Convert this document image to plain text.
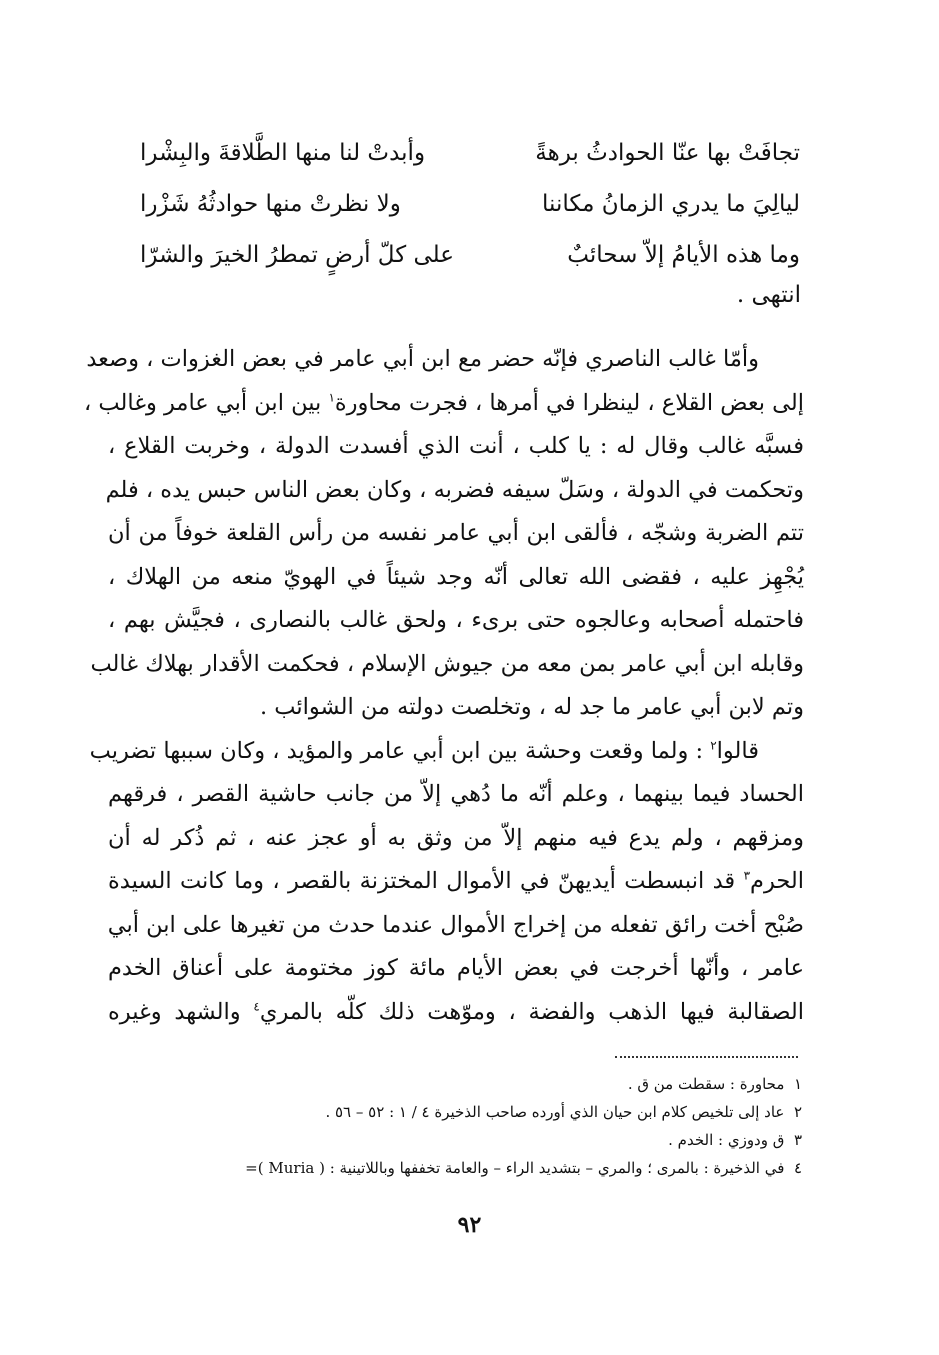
تجافَتْ بها عنّا الحوادثُ برهةً
وأبدتْ لنا منها الطَّلاقةَ والبِشْرا
ليالِيَ ما يدري الزمانُ مكاننا
ولا نظرتْ منها حوادثُهُ شَزْرا
وما هذه الأيامُ إلاّ سحائبٌ
على كلّ أرضٍ تمطرُ الخيرَ والشرّا
انتهى .
  وأمّا غالب الناصري فإنّه حضر مع ابن أبي عامر في بعض الغزوات ، وصعد
إلى بعض القلاع ، لينظرا في أمرها ، فجرت محاورة$^١$ بين ابن أبي عامر وغالب ،
فسبَّه غالب وقال له : يا كلب ، أنت الذي أفسدت الدولة ، وخربت القلاع ،
وتحكمت في الدولة ، وسَلّ سيفه فضربه ، وكان بعض الناس حبس يده ، فلم
تتم الضربة وشجّه ، فألقى ابن أبي عامر نفسه من رأس القلعة خوفاً من أن
يُجْهِز عليه ، فقضى الله تعالى أنّه وجد شيئاً في الهويّ منعه من الهلاك ،
فاحتمله أصحابه وعالجوه حتى برىء ، ولحق غالب بالنصارى ، فجيَّش بهم ،
وقابله ابن أبي عامر بمن معه من جيوش الإسلام ، فحكمت الأقدار بهلاك غالب
وتم لابن أبي عامر ما جد له ، وتخلصت دولته من الشوائب .
  قالوا$^٢$ : ولما وقعت وحشة بين ابن أبي عامر والمؤيد ، وكان سببها تضريب
الحساد فيما بينهما ، وعلم أنّه ما دُهي إلاّ من جانب حاشية القصر ، فرقهم
ومزقهم ، ولم يدع فيه منهم إلاّ من وثق به أو عجز عنه ، ثم ذُكر له أن
الحرم$^٣$ قد انبسطت أيديهنّ في الأموال المختزنة بالقصر ، وما كانت السيدة
صُبْح أخت رائق تفعله من إخراج الأموال عندما حدث من تغيرها على ابن أبي
عامر ، وأنّها أخرجت في بعض الأيام مائة كوز مختومة على أعناق الخدم
الصقالبة فيها الذهب والفضة ، وموّهت ذلك كلّه بالمري$^٤$ والشهد وغيره
١  محاورة : سقطت من ق .
٢  عاد إلى تلخيص كلام ابن حيان الذي أورده صاحب الذخيرة ٤ / ١ : ٥٢ – ٥٦ .
٣  ق ودوزي : الخدم .
٤  في الذخيرة : بالمرى ؛ والمري – بتشديد الراء – والعامة تخففها وباللاتينية : ( Muria )=
٩٢
